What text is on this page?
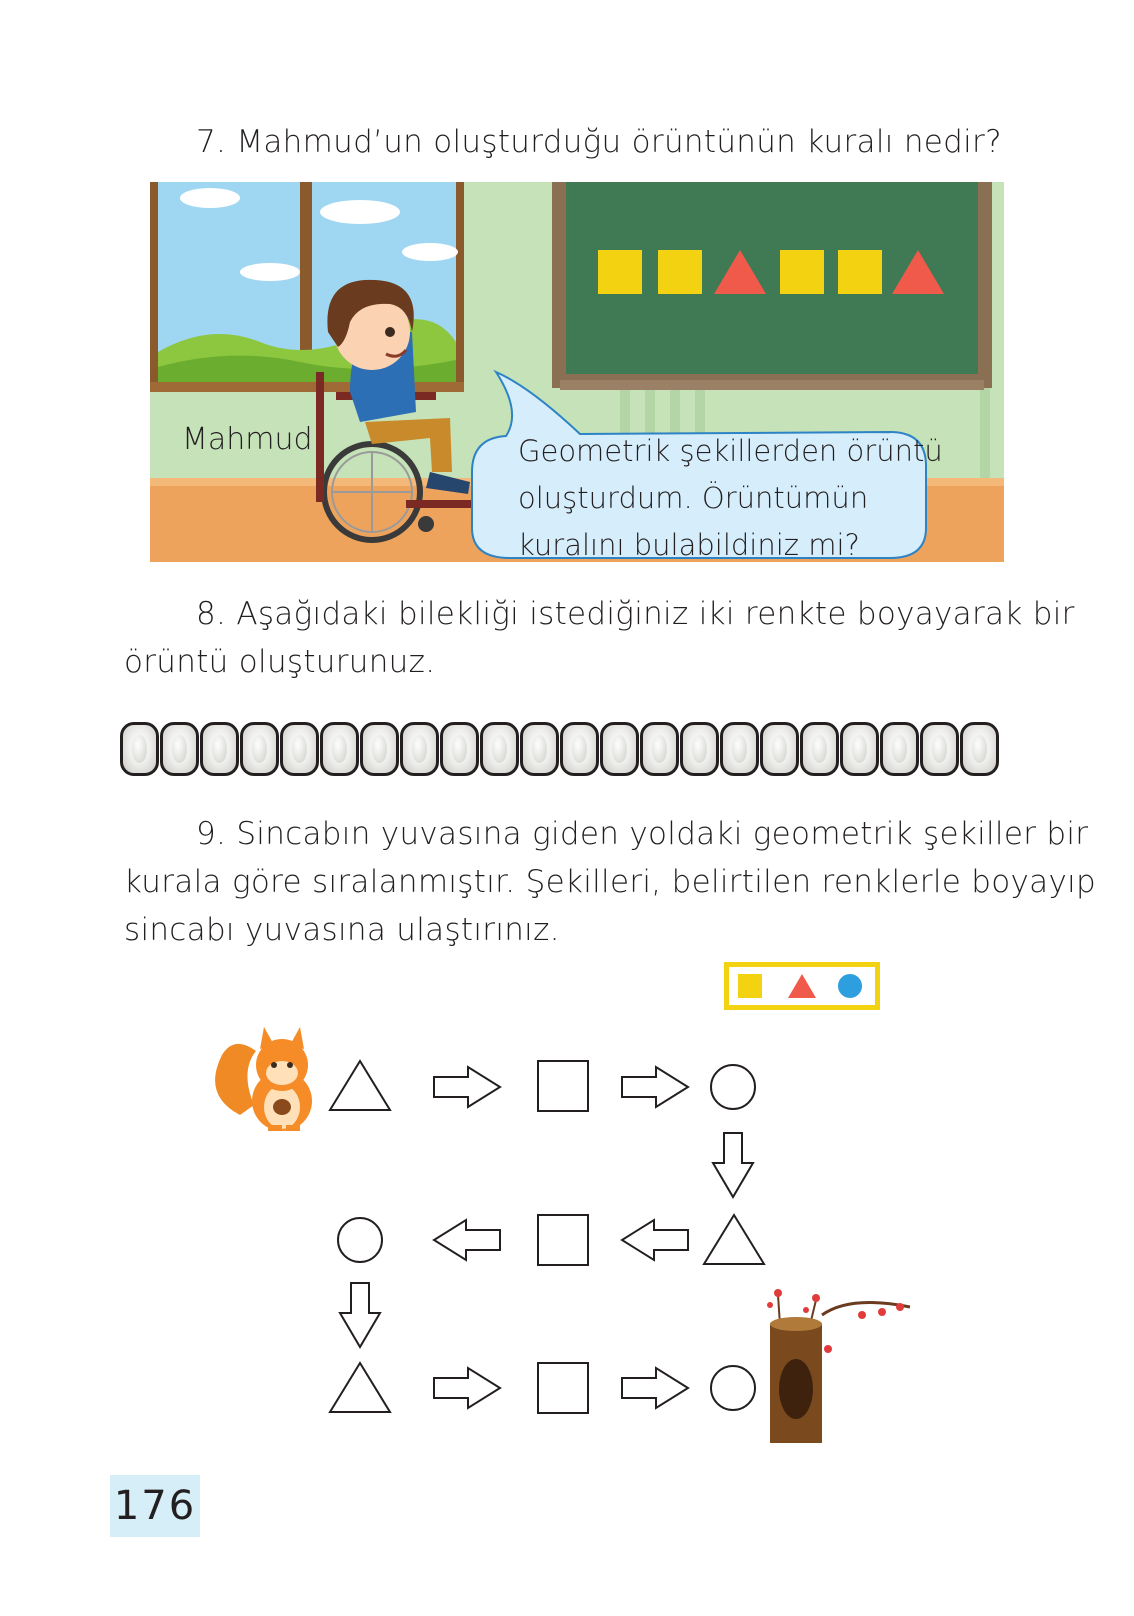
7. Mahmud’un oluşturduğu örüntünün kuralı nedir?
Mahmud	Geometrik şekillerden örüntü
oluşturdum. Örüntümün
kuralını bulabildiniz mi?
8. Aşağıdaki bilekliği istediğiniz iki renkte boyayarak bir
örüntü oluşturunuz.
9. Sincabın yuvasına giden yoldaki geometrik şekiller bir
kurala göre sıralanmıştır. Şekilleri, belirtilen renklerle boyayıp
sincabı yuvasına ulaştırınız.
176
